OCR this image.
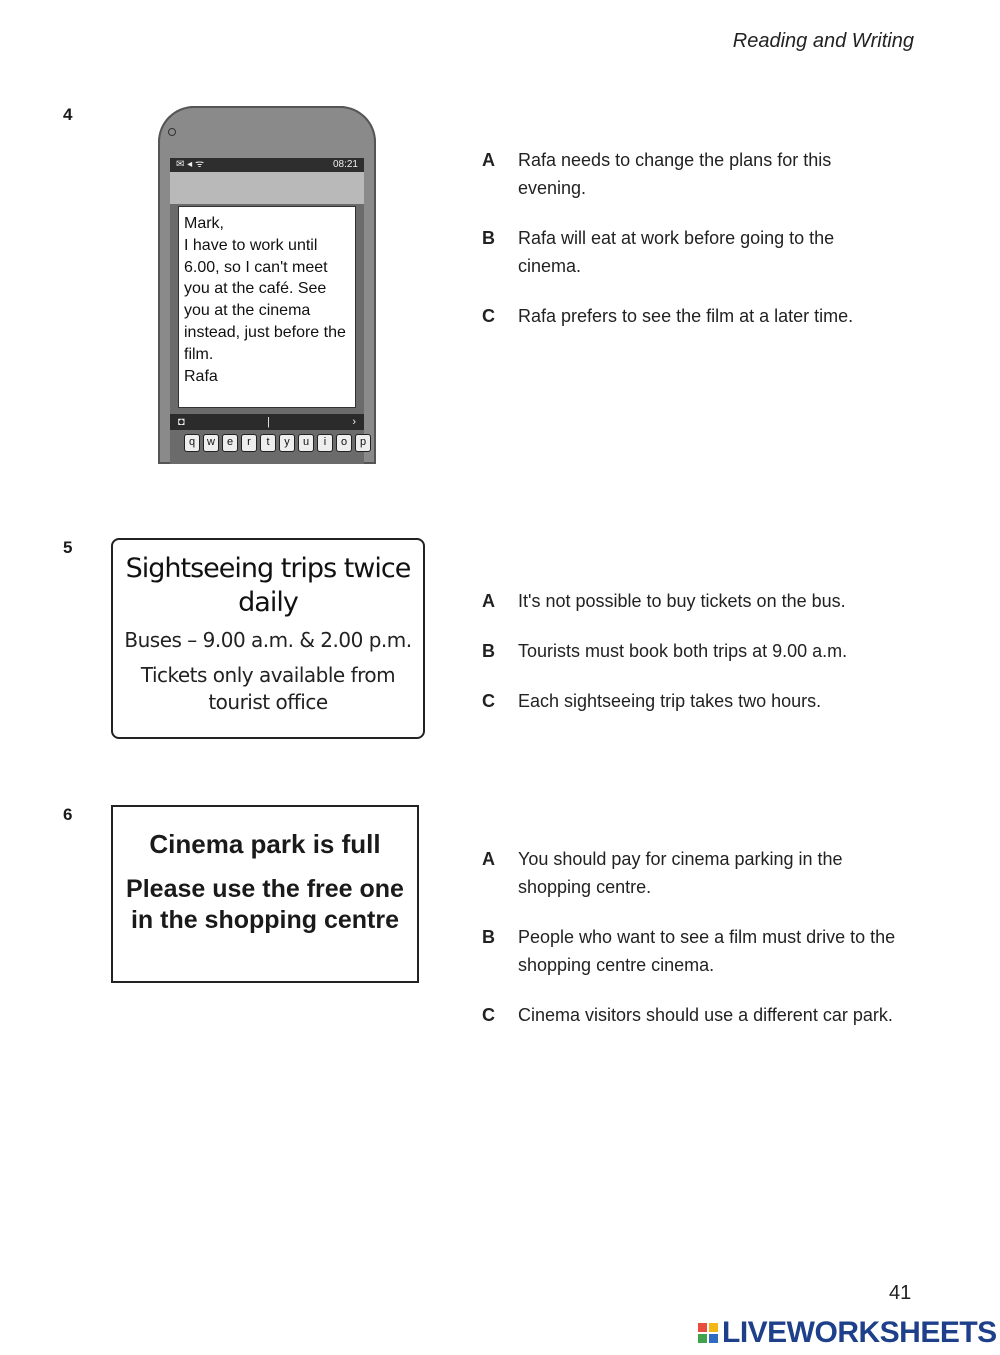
Reading and Writing
4
✉ ◂ ᯤ	08:21
Mark,
I have to work until 6.00, so I can't meet you at the café. See you at the cinema instead, just before the film.
Rafa
◘	|	›
q	w	e	r	t	y	u	i	o	p
A	Rafa needs to change the plans for this evening.
B	Rafa will eat at work before going to the cinema.
C	Rafa prefers to see the film at a later time.
5
Sightseeing trips twice daily
Buses – 9.00 a.m. & 2.00 p.m.
Tickets only available from tourist office
A	It's not possible to buy tickets on the bus.
B	Tourists must book both trips at 9.00 a.m.
C	Each sightseeing trip takes two hours.
6
Cinema park is full
Please use the free one in the shopping centre
A	You should pay for cinema parking in the shopping centre.
B	People who want to see a film must drive to the shopping centre cinema.
C	Cinema visitors should use a different car park.
41
LIVEWORKSHEETS
